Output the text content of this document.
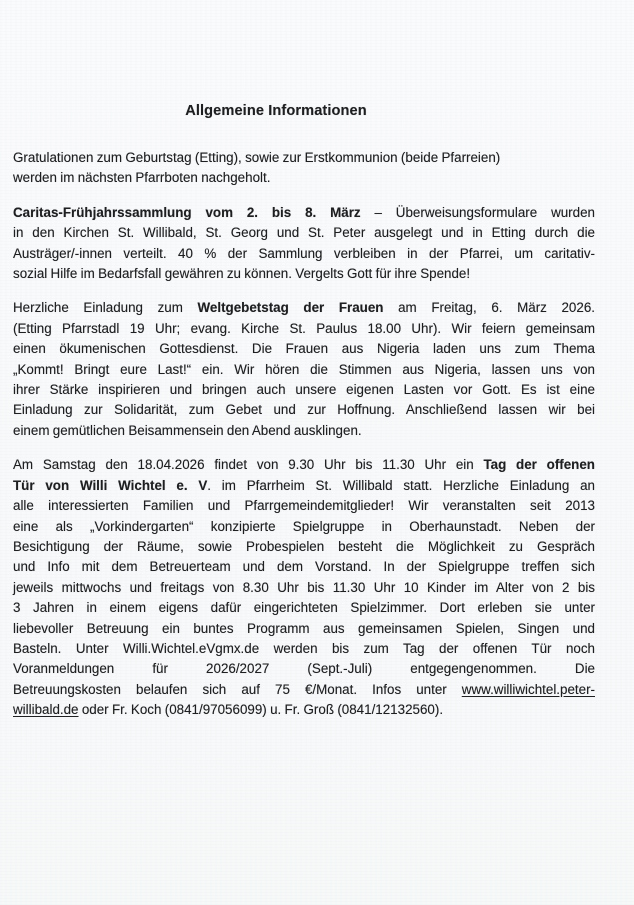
Allgemeine Informationen
Gratulationen zum Geburtstag (Etting), sowie zur Erstkommunion (beide Pfarreien)
werden im nächsten Pfarrboten nachgeholt.
Caritas-Frühjahrssammlung vom 2. bis 8. März – Überweisungsformulare wurden
in den Kirchen St. Willibald, St. Georg und St. Peter ausgelegt und in Etting durch die
Austräger/-innen verteilt. 40 % der Sammlung verbleiben in der Pfarrei, um caritativ-
sozial Hilfe im Bedarfsfall gewähren zu können. Vergelts Gott für ihre Spende!
Herzliche Einladung zum Weltgebetstag der Frauen am Freitag, 6. März 2026.
(Etting Pfarrstadl 19 Uhr; evang. Kirche St. Paulus 18.00 Uhr). Wir feiern gemeinsam
einen ökumenischen Gottesdienst. Die Frauen aus Nigeria laden uns zum Thema
„Kommt! Bringt eure Last!“ ein. Wir hören die Stimmen aus Nigeria, lassen uns von
ihrer Stärke inspirieren und bringen auch unsere eigenen Lasten vor Gott. Es ist eine
Einladung zur Solidarität, zum Gebet und zur Hoffnung. Anschließend lassen wir bei
einem gemütlichen Beisammensein den Abend ausklingen.
Am Samstag den 18.04.2026 findet von 9.30 Uhr bis 11.30 Uhr ein Tag der offenen
Tür von Willi Wichtel e. V. im Pfarrheim St. Willibald statt. Herzliche Einladung an
alle interessierten Familien und Pfarrgemeindemitglieder! Wir veranstalten seit 2013
eine als „Vorkindergarten“ konzipierte Spielgruppe in Oberhaunstadt. Neben der
Besichtigung der Räume, sowie Probespielen besteht die Möglichkeit zu Gespräch
und Info mit dem Betreuerteam und dem Vorstand. In der Spielgruppe treffen sich
jeweils mittwochs und freitags von 8.30 Uhr bis 11.30 Uhr 10 Kinder im Alter von 2 bis
3 Jahren in einem eigens dafür eingerichteten Spielzimmer. Dort erleben sie unter
liebevoller Betreuung ein buntes Programm aus gemeinsamen Spielen, Singen und
Basteln. Unter Willi.Wichtel.eVgmx.de werden bis zum Tag der offenen Tür noch
Voranmeldungen für 2026/2027 (Sept.-Juli) entgegengenommen. Die
Betreuungskosten belaufen sich auf 75 €/Monat. Infos unter www.williwichtel.peter-
willibald.de oder Fr. Koch (0841/97056099) u. Fr. Groß (0841/12132560).
